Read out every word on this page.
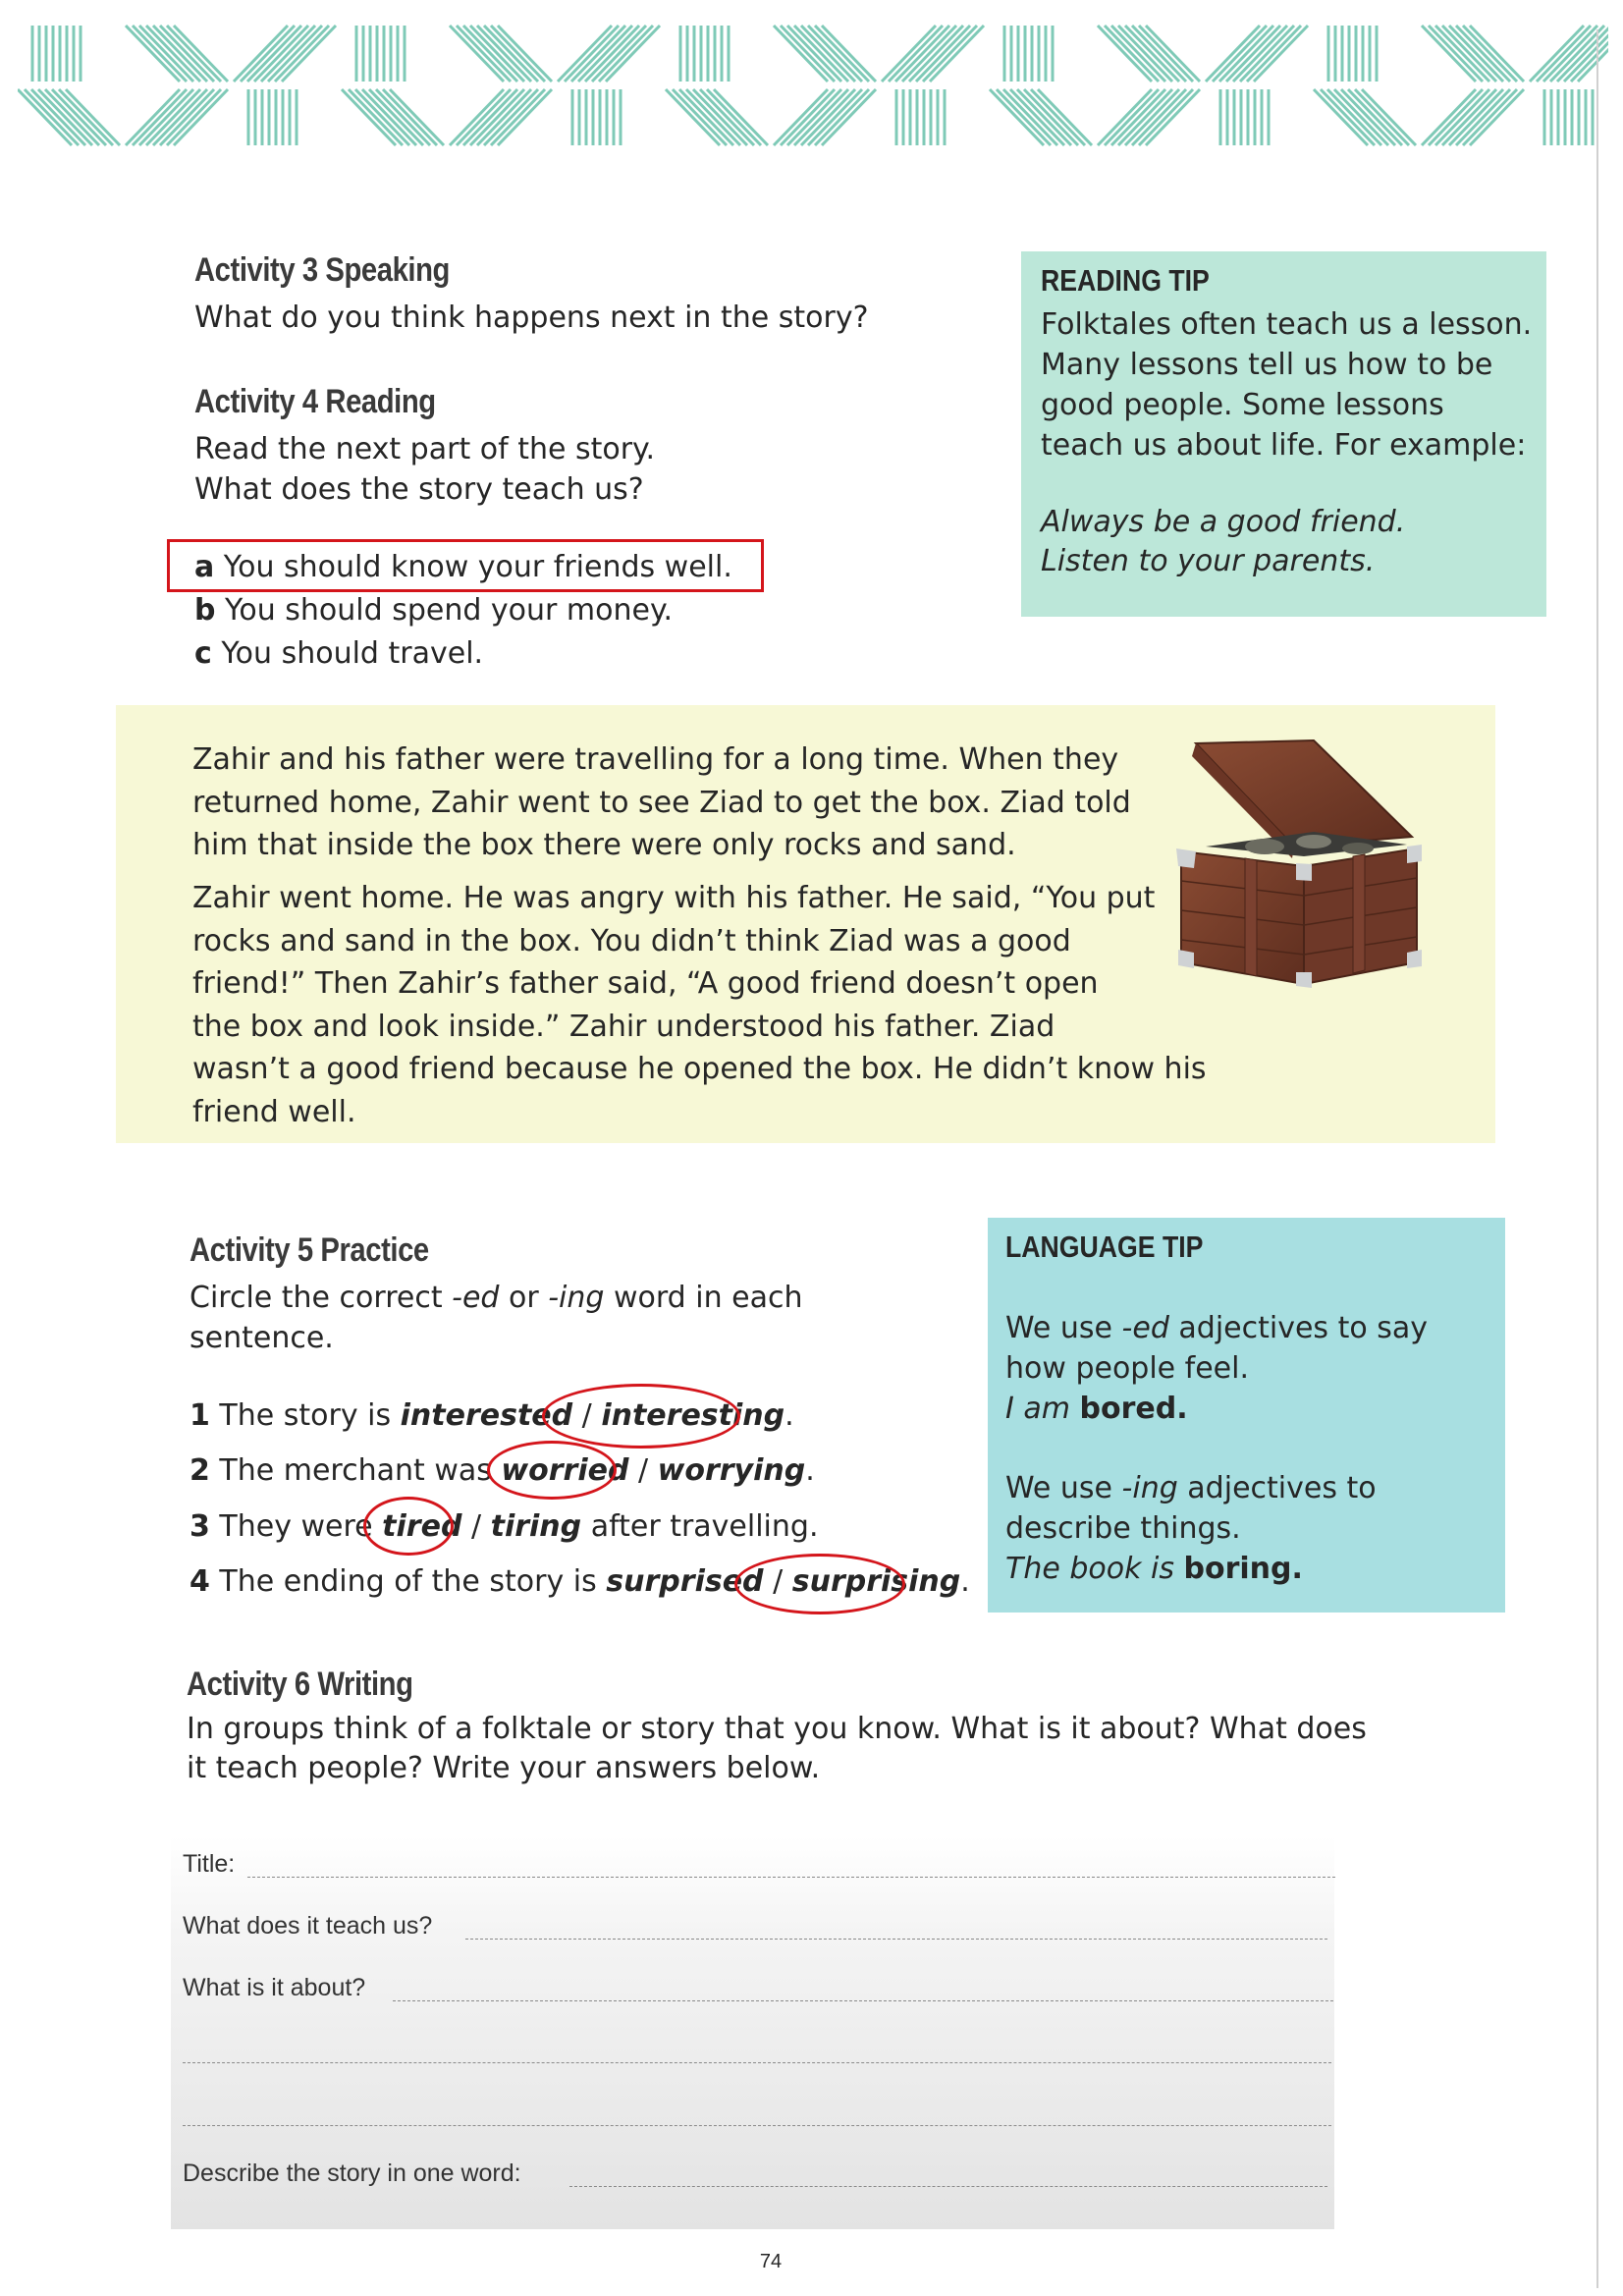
Activity 3 Speaking
What do you think happens next in the story?
Activity 4 Reading
Read the next part of the story.
What does the story teach us?
a You should know your friends well.
b You should spend your money.
c You should travel.
READING TIP
Folktales often teach us a lesson.
Many lessons tell us how to be
good people. Some lessons
teach us about life. For example:
Always be a good friend.
Listen to your parents.
Zahir and his father were travelling for a long time. When they
returned home, Zahir went to see Ziad to get the box. Ziad told
him that inside the box there were only rocks and sand.
Zahir went home. He was angry with his father. He said, “You put
rocks and sand in the box. You didn’t think Ziad was a good
friend!” Then Zahir’s father said, “A good friend doesn’t open
the box and look inside.” Zahir understood his father. Ziad
wasn’t a good friend because he opened the box. He didn’t know his
friend well.
Activity 5 Practice
Circle the correct -ed or -ing word in each
sentence.
1 The story is interested / interesting.
2 The merchant was worried / worrying.
3 They were tired / tiring after travelling.
4 The ending of the story is surprised / surprising.
LANGUAGE TIP
We use -ed adjectives to say
how people feel.
I am bored.
We use -ing adjectives to
describe things.
The book is boring.
Activity 6 Writing
In groups think of a folktale or story that you know. What is it about? What does
it teach people? Write your answers below.
Title:
What does it teach us?
What is it about?
Describe the story in one word:
74
